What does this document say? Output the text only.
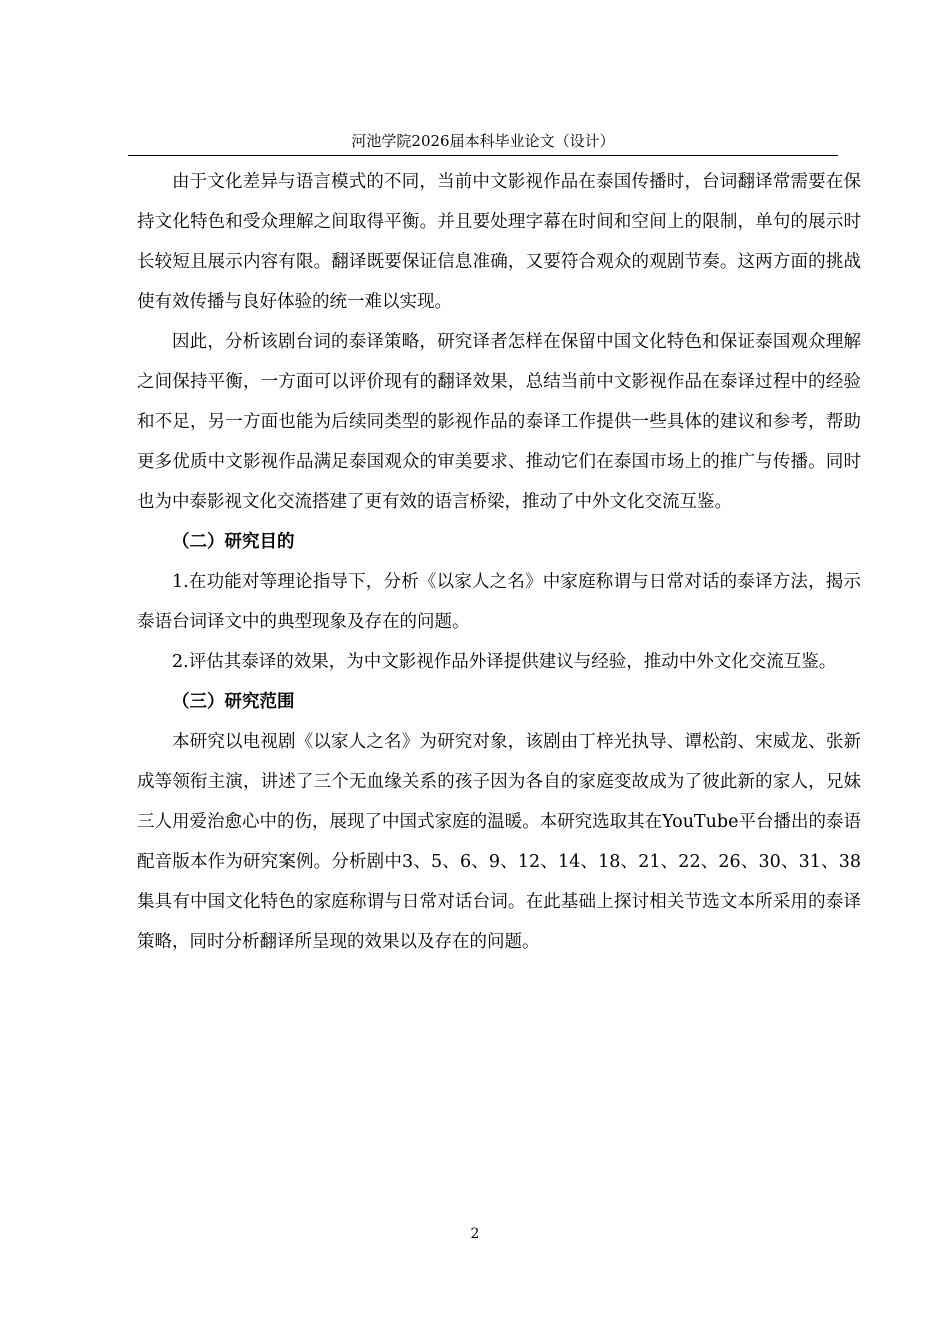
河池学院2026届本科毕业论文（设计）

由于文化差异与语言模式的不同，当前中文影视作品在泰国传播时，台词翻译常需要在保持文化特色和受众理解之间取得平衡。并且要处理字幕在时间和空间上的限制，单句的展示时长较短且展示内容有限。翻译既要保证信息准确，又要符合观众的观剧节奏。这两方面的挑战使有效传播与良好体验的统一难以实现。

因此，分析该剧台词的泰译策略，研究译者怎样在保留中国文化特色和保证泰国观众理解之间保持平衡，一方面可以评价现有的翻译效果，总结当前中文影视作品在泰译过程中的经验和不足，另一方面也能为后续同类型的影视作品的泰译工作提供一些具体的建议和参考，帮助更多优质中文影视作品满足泰国观众的审美要求、推动它们在泰国市场上的推广与传播。同时也为中泰影视文化交流搭建了更有效的语言桥梁，推动了中外文化交流互鉴。

（二）研究目的

1.在功能对等理论指导下，分析《以家人之名》中家庭称谓与日常对话的泰译方法，揭示泰语台词译文中的典型现象及存在的问题。

2.评估其泰译的效果，为中文影视作品外译提供建议与经验，推动中外文化交流互鉴。

（三）研究范围

本研究以电视剧《以家人之名》为研究对象，该剧由丁梓光执导、谭松韵、宋威龙、张新成等领衔主演，讲述了三个无血缘关系的孩子因为各自的家庭变故成为了彼此新的家人，兄妹三人用爱治愈心中的伤，展现了中国式家庭的温暖。本研究选取其在YouTube平台播出的泰语配音版本作为研究案例。分析剧中3、5、6、9、12、14、18、21、22、26、30、31、38集具有中国文化特色的家庭称谓与日常对话台词。在此基础上探讨相关节选文本所采用的泰译策略，同时分析翻译所呈现的效果以及存在的问题。

2
